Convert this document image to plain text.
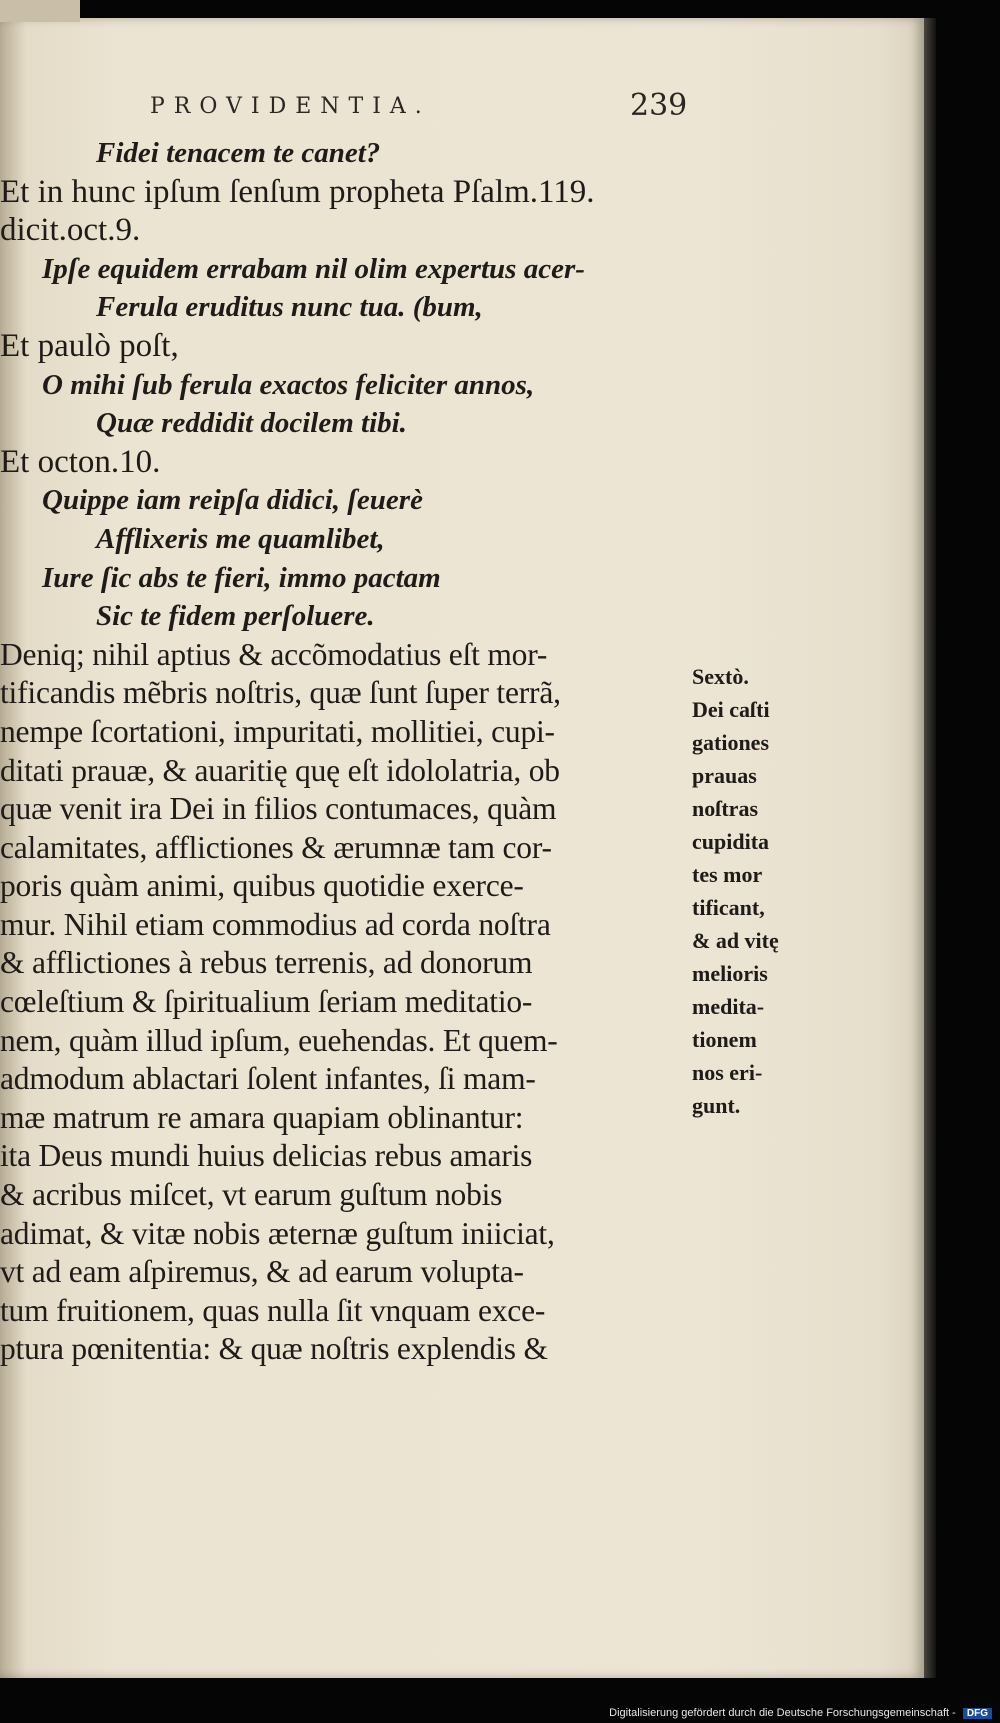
PROVIDENTIA.	239
Fidei tenacem te canet?
Et in hunc ipſum ſenſum propheta Pſalm.119.
dicit.oct.9.
Ipſe equidem errabam nil olim expertus acer-
Ferula eruditus nunc tua. (bum,
Et paulò poſt,
O mihi ſub ferula exactos feliciter annos,
Quæ reddidit docilem tibi.
Et octon.10.
Quippe iam reipſa didici, ſeuerè
Afflixeris me quamlibet,
Iure ſic abs te fieri, immo pactam
Sic te fidem perſoluere.
Deniq; nihil aptius & accõmodatius eſt mor-
tificandis mẽbris noſtris, quæ ſunt ſuper terrã,
nempe ſcortationi, impuritati, mollitiei, cupi-
ditati prauæ, & auaritię quę eſt idololatria, ob
quæ venit ira Dei in filios contumaces, quàm
calamitates, afflictiones & ærumnæ tam cor-
poris quàm animi, quibus quotidie exerce-
mur. Nihil etiam commodius ad corda noſtra
& afflictiones à rebus terrenis, ad donorum
cœleſtium & ſpiritualium ſeriam meditatio-
nem, quàm illud ipſum, euehendas. Et quem-
admodum ablactari ſolent infantes, ſi mam-
mæ matrum re amara quapiam oblinantur:
ita Deus mundi huius delicias rebus amaris
& acribus miſcet, vt earum guſtum nobis
adimat, & vitæ nobis æternæ guſtum iniiciat,
vt ad eam aſpiremus, & ad earum volupta-
tum fruitionem, quas nulla ſit vnquam exce-
ptura pœnitentia: & quæ noſtris explendis &
Sextò.
Dei caſti
gationes
prauas
noſtras
cupidita
tes mor
tificant,
& ad vitę
melioris
medita-
tionem
nos eri-
gunt.
Digitalisierung gefördert durch die Deutsche Forschungsgemeinschaft - DFG
